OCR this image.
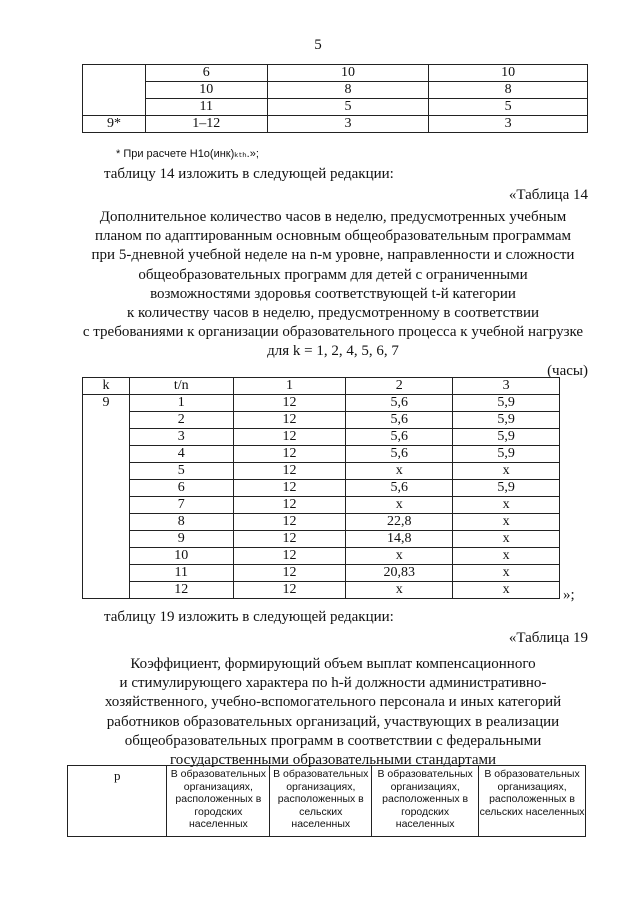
5
	6	10	10
	10	8	8
	11	5	5
9*	1–12	3	3
* При расчете Н1о(инк)ₖₜₕ.»;
таблицу 14 изложить в следующей редакции:
«Таблица 14
Дополнительное количество часов в неделю, предусмотренных учебным
планом по адаптированным основным общеобразовательным программам
при 5-дневной учебной неделе на n-м уровне, направленности и сложности
общеобразовательных программ для детей с ограниченными
возможностями здоровья соответствующей t-й категории
к количеству часов в неделю, предусмотренному в соответствии
с требованиями к организации образовательного процесса к учебной нагрузке
для k = 1, 2, 4, 5, 6, 7
(часы)
k	t/n	1	2	3
9	1	12	5,6	5,9
	2	12	5,6	5,9
	3	12	5,6	5,9
	4	12	5,6	5,9
	5	12	x	x
	6	12	5,6	5,9
	7	12	x	x
	8	12	22,8	x
	9	12	14,8	x
	10	12	x	x
	11	12	20,83	x
	12	12	x	x	»;
таблицу 19 изложить в следующей редакции:
«Таблица 19
Коэффициент, формирующий объем выплат компенсационного
и стимулирующего характера по h-й должности административно-
хозяйственного, учебно-вспомогательного персонала и иных категорий
работников образовательных организаций, участвующих в реализации
общеобразовательных программ в соответствии с федеральными
государственными образовательными стандартами
р	В образовательных организациях, расположенных в городских населенных	В образовательных организациях, расположенных в сельских населенных	В образовательных организациях, расположенных в городских населенных	В образовательных организациях, расположенных в сельских населенных
